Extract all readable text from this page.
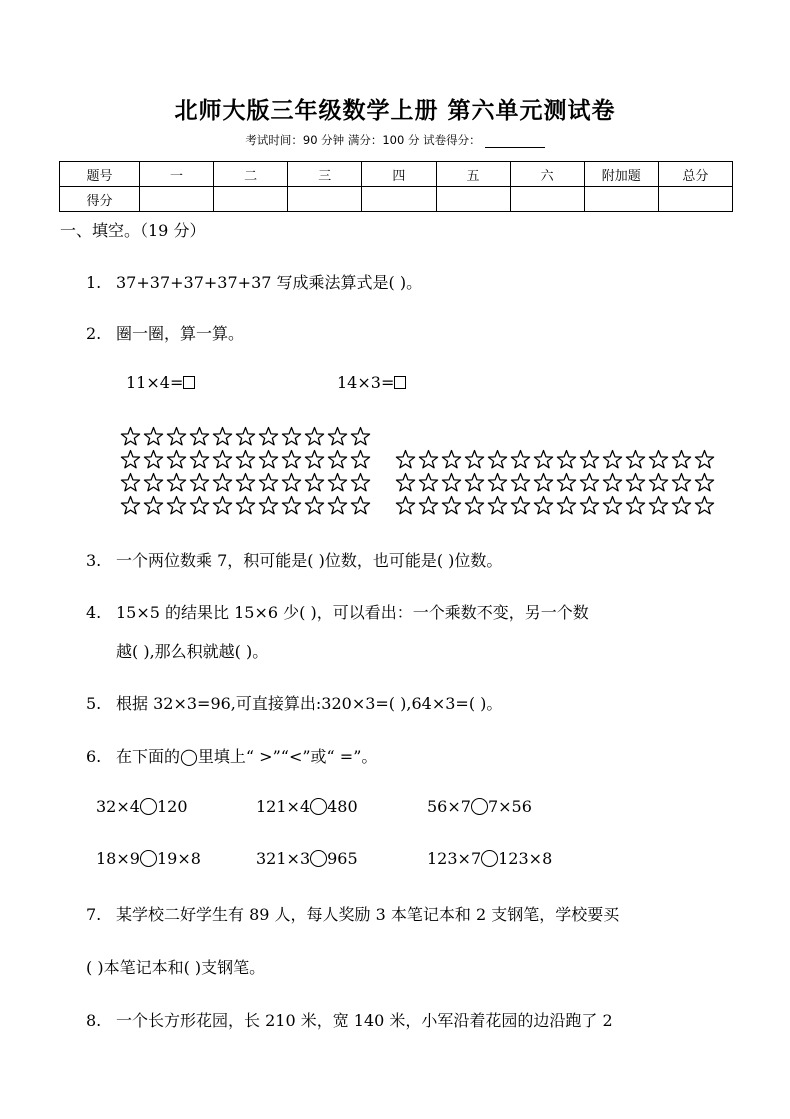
北师大版三年级数学上册 第六单元测试卷
考试时间：90 分钟 满分：100 分 试卷得分：
题号	一	二	三	四	五	六	附加题	总分
得分								
一、填空。（19 分）
1. 37+37+37+37+37 写成乘法算式是( )。
2. 圈一圈，算一算。
11×4=	14×3=
3. 一个两位数乘 7，积可能是( )位数，也可能是( )位数。
4. 15×5 的结果比 15×6 少( )，可以看出：一个乘数不变，另一个数
越( ),那么积就越( )。
5. 根据 32×3=96,可直接算出:320×3=( ),64×3=( )。
6. 在下面的◯里填上“ >”“<”或“ =”。
32×4 120	121×4 480	56×7 7×56
18×9 19×8	321×3 965	123×7 123×8
7. 某学校二好学生有 89 人，每人奖励 3 本笔记本和 2 支钢笔，学校要买
( )本笔记本和( )支钢笔。
8. 一个长方形花园，长 210 米，宽 140 米，小军沿着花园的边沿跑了 2
